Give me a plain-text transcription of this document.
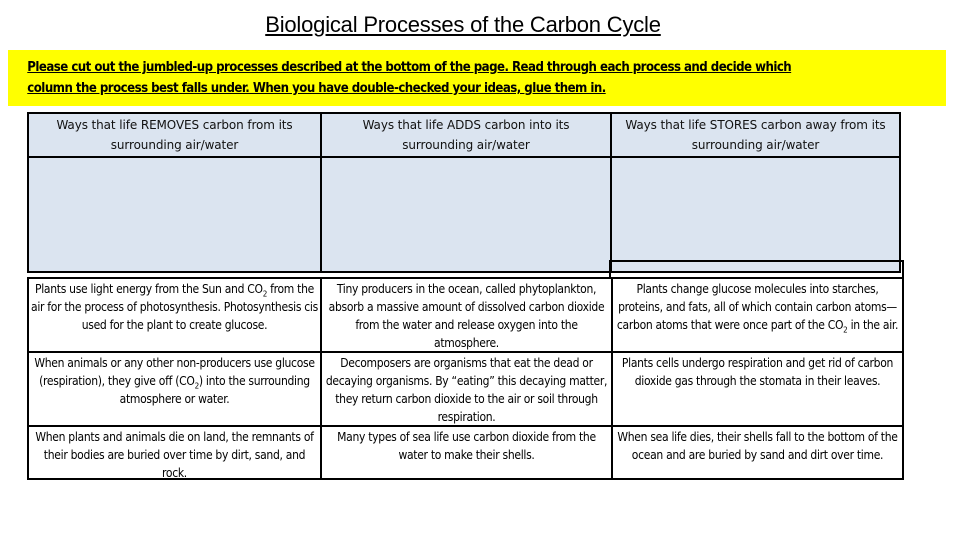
Biological Processes of the Carbon Cycle
Please cut out the jumbled-up processes described at the bottom of the page. Read through each process and decide which
column the process best falls under. When you have double-checked your ideas, glue them in.
Ways that life REMOVES carbon from its
surrounding air/water
Ways that life ADDS carbon into its
surrounding air/water
Ways that life STORES carbon away from its
surrounding air/water
Plants use light energy from the Sun and $CO_2$ from the air for the process of photosynthesis. Photosynthesis cis used for the plant to create glucose.
When animals or any other non-producers use glucose (respiration), they give off $(CO_2)$ into the surrounding atmosphere or water.
When plants and animals die on land, the remnants of their bodies are buried over time by dirt, sand, and rock.
Tiny producers in the ocean, called phytoplankton, absorb a massive amount of dissolved carbon dioxide from the water and release oxygen into the atmosphere.
Decomposers are organisms that eat the dead or decaying organisms. By “eating” this decaying matter, they return carbon dioxide to the air or soil through respiration.
Many types of sea life use carbon dioxide from the water to make their shells.
Plants change glucose molecules into starches, proteins, and fats, all of which contain carbon atoms—carbon atoms that were once part of the $CO_2$ in the air.
Plants cells undergo respiration and get rid of carbon dioxide gas through the stomata in their leaves.
When sea life dies, their shells fall to the bottom of the ocean and are buried by sand and dirt over time.
